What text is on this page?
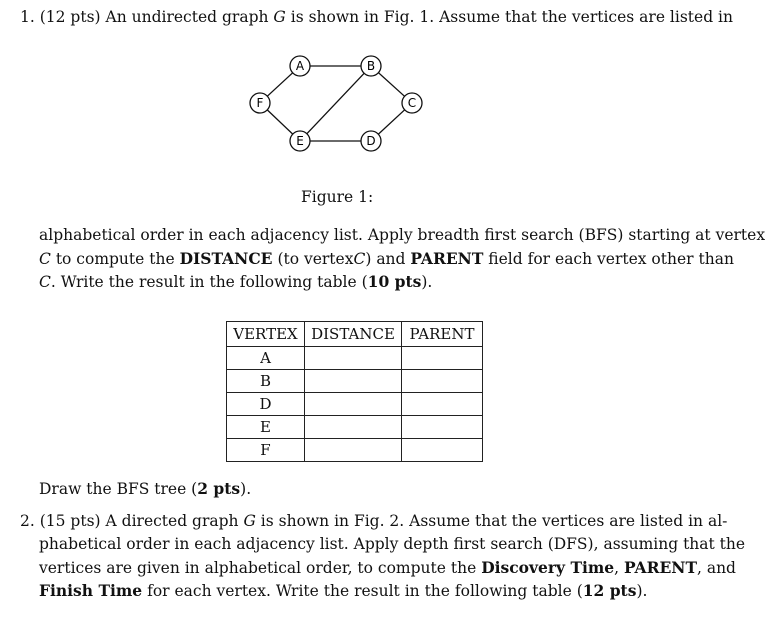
1. (12 pts) An undirected graph G is shown in Fig. 1. Assume that the vertices are listed in
A	B
C
D
E
F
Figure 1:
alphabetical order in each adjacency list. Apply breadth first search (BFS) starting at vertex
C to compute the DISTANCE (to vertexC) and PARENT field for each vertex other than
C. Write the result in the following table (10 pts).
VERTEX	DISTANCE	PARENT
A		
B		
D		
E		
F		
Draw the BFS tree (2 pts).
2. (15 pts) A directed graph G is shown in Fig. 2. Assume that the vertices are listed in al-
phabetical order in each adjacency list. Apply depth first search (DFS), assuming that the
vertices are given in alphabetical order, to compute the Discovery Time, PARENT, and
Finish Time for each vertex. Write the result in the following table (12 pts).
